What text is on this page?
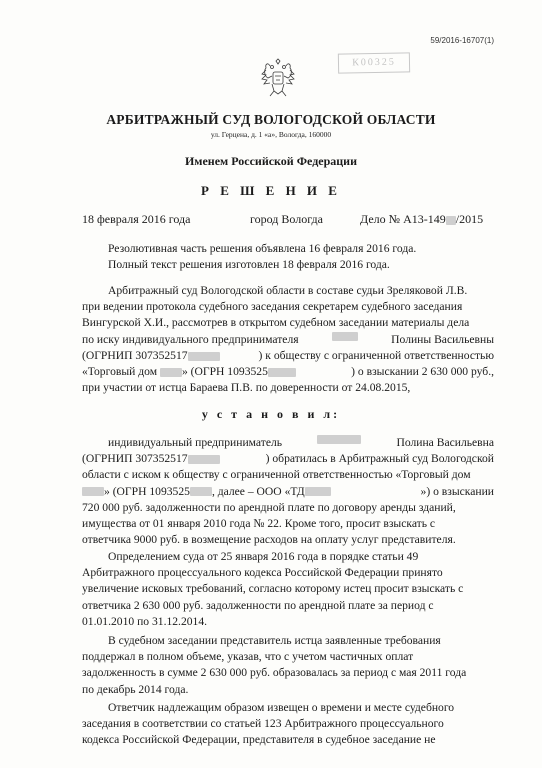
59/2016-16707(1)
К00325
АРБИТРАЖНЫЙ СУД ВОЛОГОДСКОЙ ОБЛАСТИ
ул. Герцена, д. 1 «а», Вологда, 160000
Именем Российской Федерации
Р Е Ш Е Н И Е
18 февраля 2016 года	город Вологда	Дело № А13-149 /2015
Резолютивная часть решения объявлена 16 февраля 2016 года.
Полный текст решения изготовлен 18 февраля 2016 года.
Арбитражный суд Вологодской области в составе судьи Зреляковой Л.В.
при ведении протокола судебного заседания секретарем судебного заседания
Вингурской Х.И., рассмотрев в открытом судебном заседании материалы дела
по иску индивидуального предпринимателя	Полины Васильевны
(ОГРНИП 307352517	) к обществу с ограниченной ответственностью
«Торговый дом » (ОГРН 1093525	) о взыскании 2 630 000 руб.,
при участии от истца Бараева П.В. по доверенности от 24.08.2015,
у с т а н о в и л:
индивидуальный предприниматель	Полина Васильевна
(ОГРНИП 307352517	) обратилась в Арбитражный суд Вологодской
области с иском к обществу с ограниченной ответственностью «Торговый дом
» (ОГРН 1093525 , далее – ООО «ТД	») о взыскании
720 000 руб. задолженности по арендной плате по договору аренды зданий,
имущества от 01 января 2010 года № 22. Кроме того, просит взыскать с
ответчика 9000 руб. в возмещение расходов на оплату услуг представителя.
Определением суда от 25 января 2016 года в порядке статьи 49
Арбитражного процессуального кодекса Российской Федерации принято
увеличение исковых требований, согласно которому истец просит взыскать с
ответчика 2 630 000 руб. задолженности по арендной плате за период с
01.01.2010 по 31.12.2014.
В судебном заседании представитель истца заявленные требования
поддержал в полном объеме, указав, что с учетом частичных оплат
задолженность в сумме 2 630 000 руб. образовалась за период с мая 2011 года
по декабрь 2014 года.
Ответчик надлежащим образом извещен о времени и месте судебного
заседания в соответствии со статьей 123 Арбитражного процессуального
кодекса Российской Федерации, представителя в судебное заседание не
